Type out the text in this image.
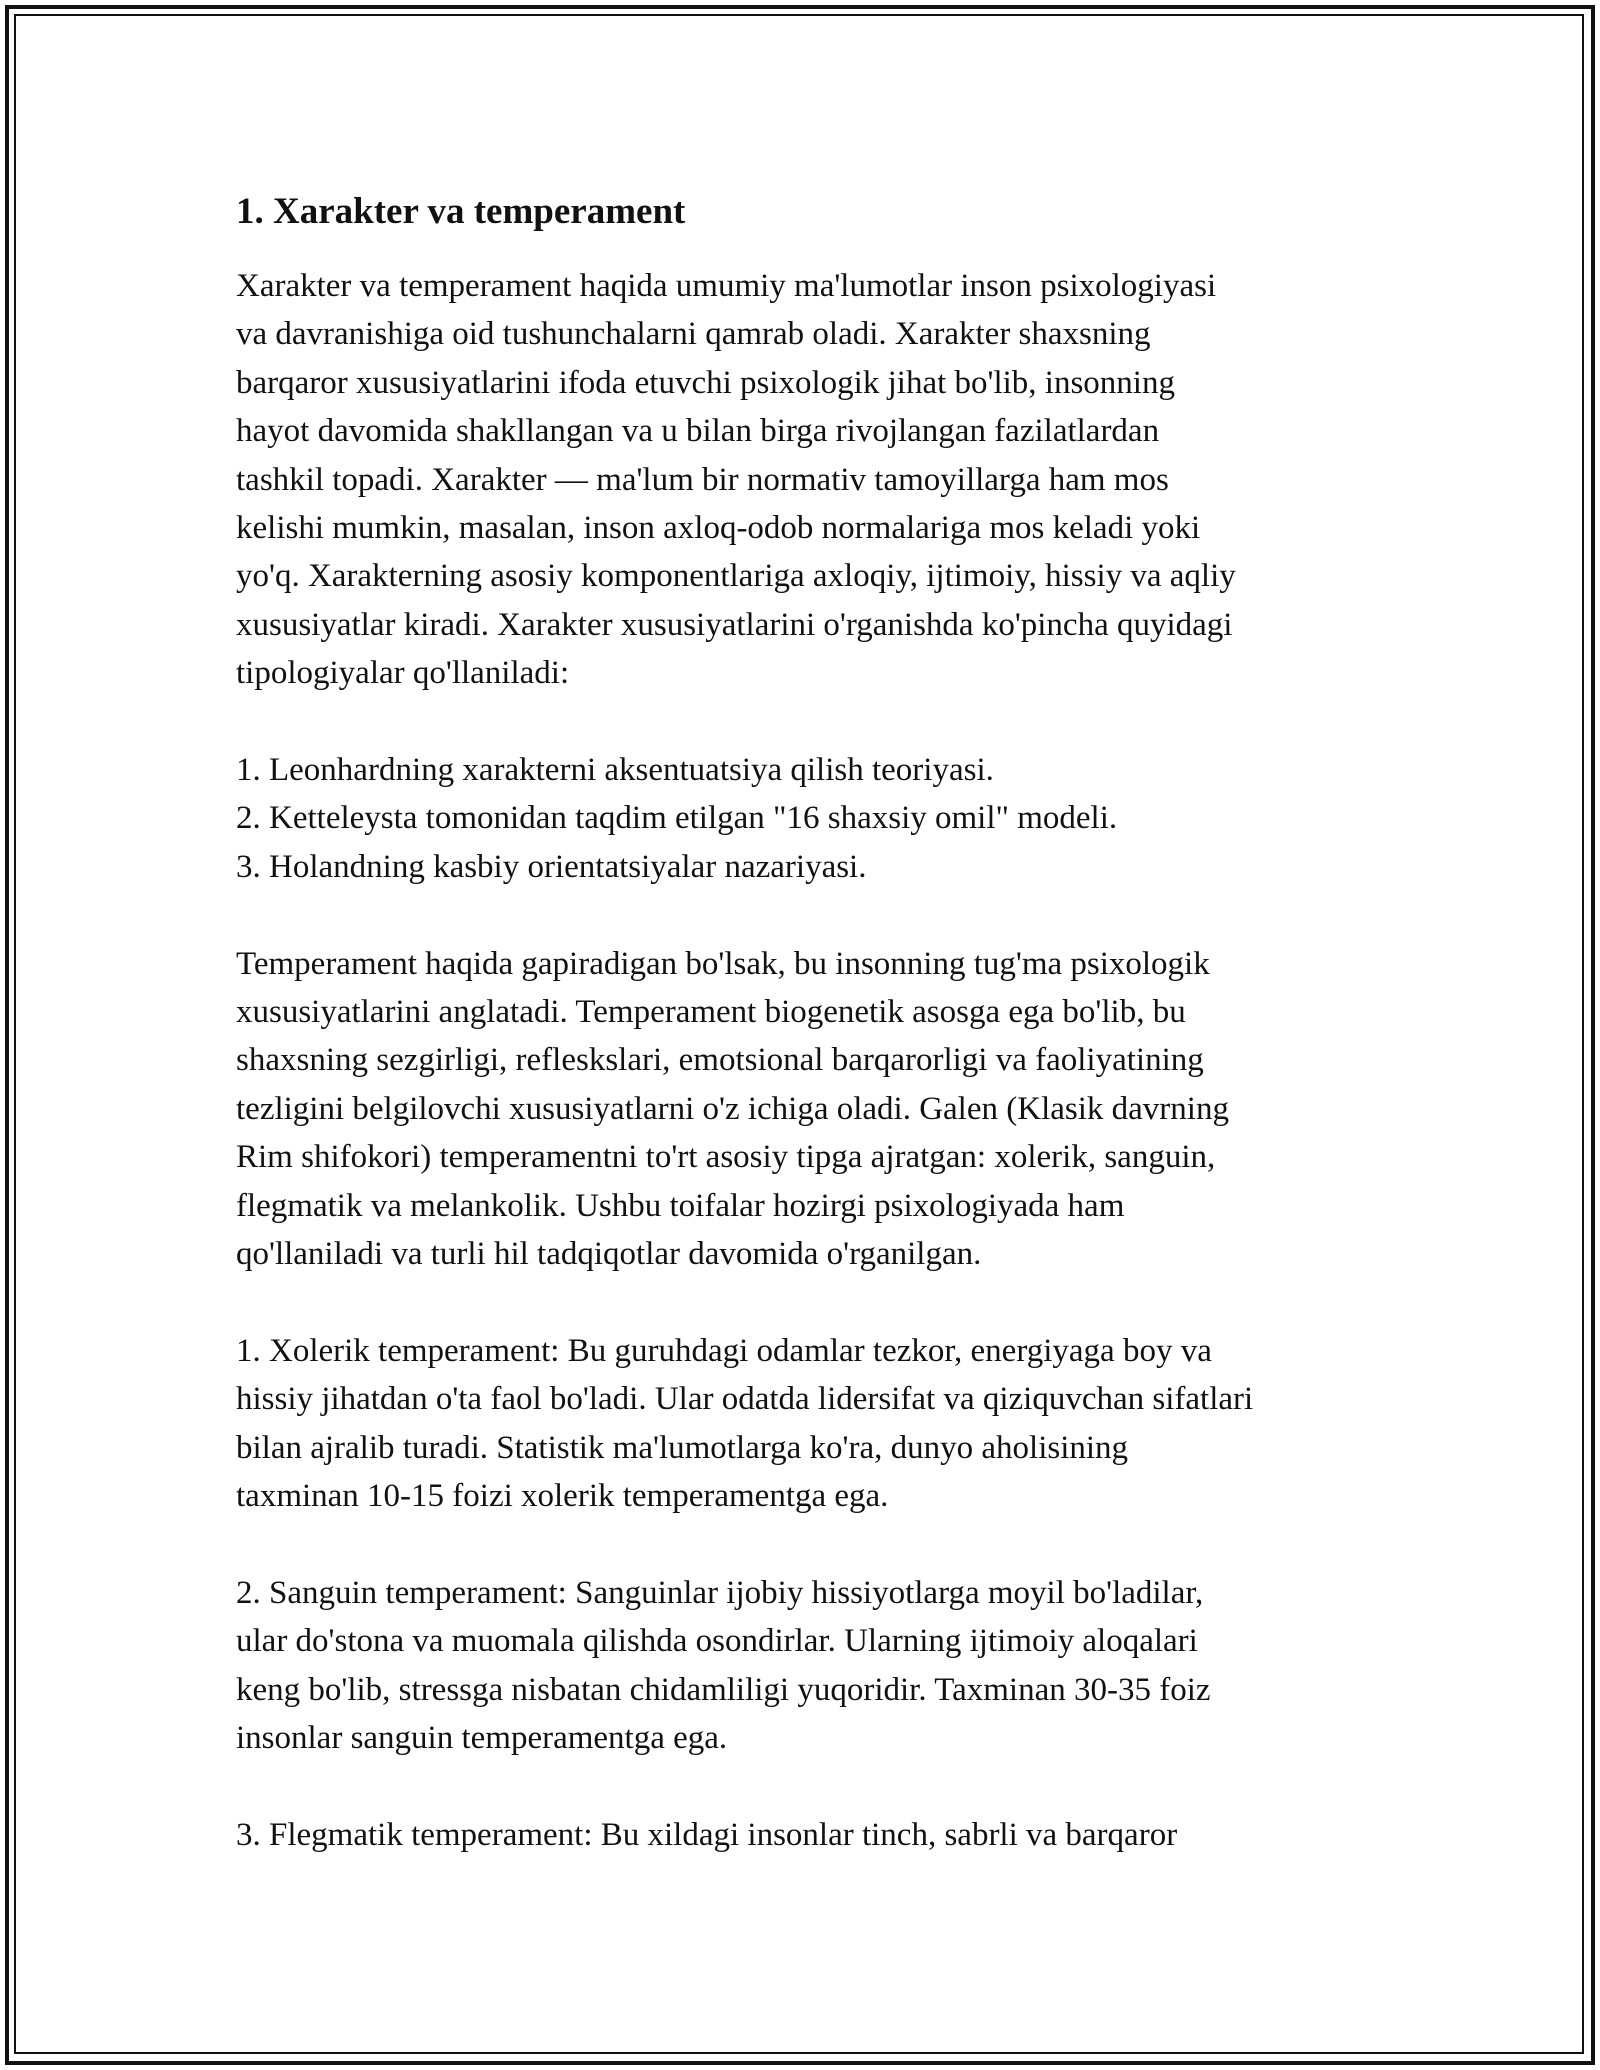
1. Xarakter va temperament

Xarakter va temperament haqida umumiy ma'lumotlar inson psixologiyasi
va davranishiga oid tushunchalarni qamrab oladi. Xarakter shaxsning
barqaror xususiyatlarini ifoda etuvchi psixologik jihat bo'lib, insonning
hayot davomida shakllangan va u bilan birga rivojlangan fazilatlardan
tashkil topadi. Xarakter — ma'lum bir normativ tamoyillarga ham mos
kelishi mumkin, masalan, inson axloq-odob normalariga mos keladi yoki
yo'q. Xarakterning asosiy komponentlariga axloqiy, ijtimoiy, hissiy va aqliy
xususiyatlar kiradi. Xarakter xususiyatlarini o'rganishda ko'pincha quyidagi
tipologiyalar qo'llaniladi:

1. Leonhardning xarakterni aksentuatsiya qilish teoriyasi.

2. Ketteleysta tomonidan taqdim etilgan "16 shaxsiy omil" modeli.

3. Holandning kasbiy orientatsiyalar nazariyasi.

Temperament haqida gapiradigan bo'lsak, bu insonning tug'ma psixologik
xususiyatlarini anglatadi. Temperament biogenetik asosga ega bo'lib, bu
shaxsning sezgirligi, refleskslari, emotsional barqarorligi va faoliyatining
tezligini belgilovchi xususiyatlarni o'z ichiga oladi. Galen (Klasik davrning
Rim shifokori) temperamentni to'rt asosiy tipga ajratgan: xolerik, sanguin,
flegmatik va melankolik. Ushbu toifalar hozirgi psixologiyada ham
qo'llaniladi va turli hil tadqiqotlar davomida o'rganilgan.

1. Xolerik temperament: Bu guruhdagi odamlar tezkor, energiyaga boy va
hissiy jihatdan o'ta faol bo'ladi. Ular odatda lidersifat va qiziquvchan sifatlari
bilan ajralib turadi. Statistik ma'lumotlarga ko'ra, dunyo aholisining
taxminan 10-15 foizi xolerik temperamentga ega.

2. Sanguin temperament: Sanguinlar ijobiy hissiyotlarga moyil bo'ladilar,
ular do'stona va muomala qilishda osondirlar. Ularning ijtimoiy aloqalari
keng bo'lib, stressga nisbatan chidamliligi yuqoridir. Taxminan 30-35 foiz
insonlar sanguin temperamentga ega.

3. Flegmatik temperament: Bu xildagi insonlar tinch, sabrli va barqaror
